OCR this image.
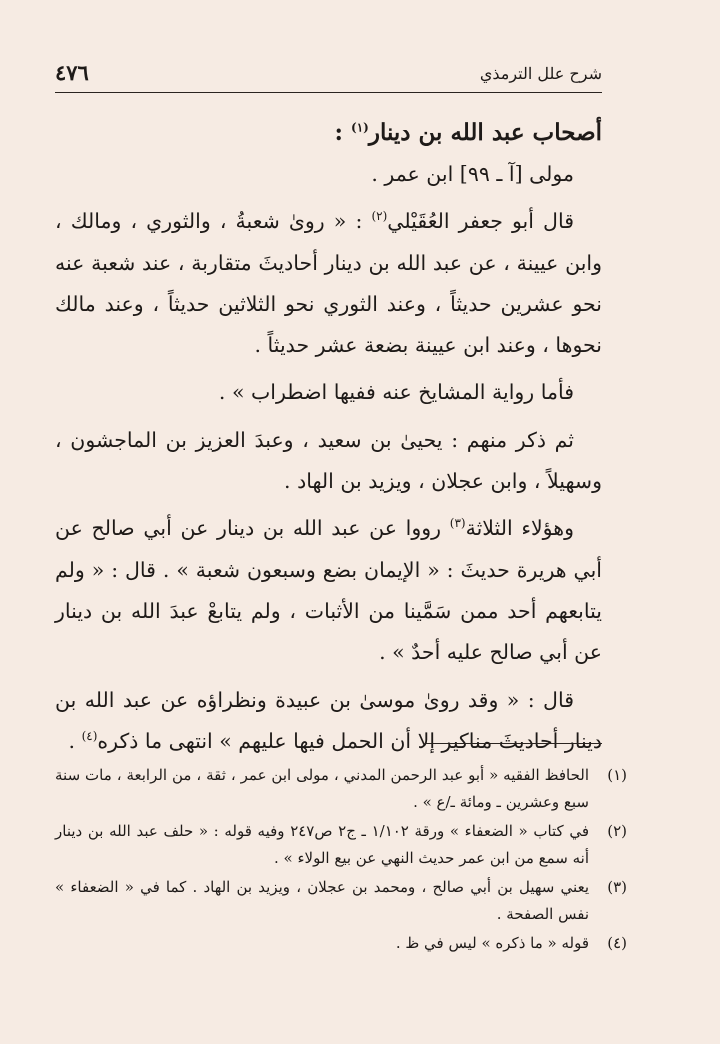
٤٧٦	شرح علل الترمذي

أصحاب عبد الله بن دينار$^{(١)}$ :

مولى [آ ـ ٩٩] ابن عمر .

قال أبو جعفر العُقَيْلي$^{(٢)}$ : « روىٰ شعبةُ ، والثوري ، ومالك ، وابن عيينة ، عن عبد الله بن دينار أحاديثَ متقاربة ، عند شعبة عنه نحو عشرين حديثاً ، وعند الثوري نحو الثلاثين حديثاً ، وعند مالك نحوها ، وعند ابن عيينة بضعة عشر حديثاً .

فأما رواية المشايخ عنه ففيها اضطراب » .

ثم ذكر منهم : يحيىٰ بن سعيد ، وعبدَ العزيز بن الماجشون ، وسهيلاً ، وابن عجلان ، ويزيد بن الهاد .

وهؤلاء الثلاثة$^{(٣)}$ رووا عن عبد الله بن دينار عن أبي صالح عن أبي هريرة حديثَ : « الإيمان بضع وسبعون شعبة » . قال : « ولم يتابعهم أحد ممن سَمَّينا من الأثبات ، ولم يتابعْ عبدَ الله بن دينار عن أبي صالح عليه أحدٌ » .

قال : « وقد روىٰ موسىٰ بن عبيدة ونظراؤه عن عبد الله بن دينار أحاديثَ مناكير إلا أن الحمل فيها عليهم » انتهى ما ذكره$^{(٤)}$ .

(١)
الحافظ الفقيه « أبو عبد الرحمن المدني ، مولى ابن عمر ، ثقة ، من الرابعة ، مات سنة سبع وعشرين ـ ومائة ـ/ع » .
(٢)
في كتاب « الضعفاء » ورقة ١/١٠٢ ـ ج٢ ص٢٤٧ وفيه قوله : « حلف عبد الله بن دينار أنه سمع من ابن عمر حديث النهي عن بيع الولاء » .
(٣)
يعني سهيل بن أبي صالح ، ومحمد بن عجلان ، ويزيد بن الهاد . كما في « الضعفاء » نفس الصفحة .
(٤)
قوله « ما ذكره » ليس في ظ .
